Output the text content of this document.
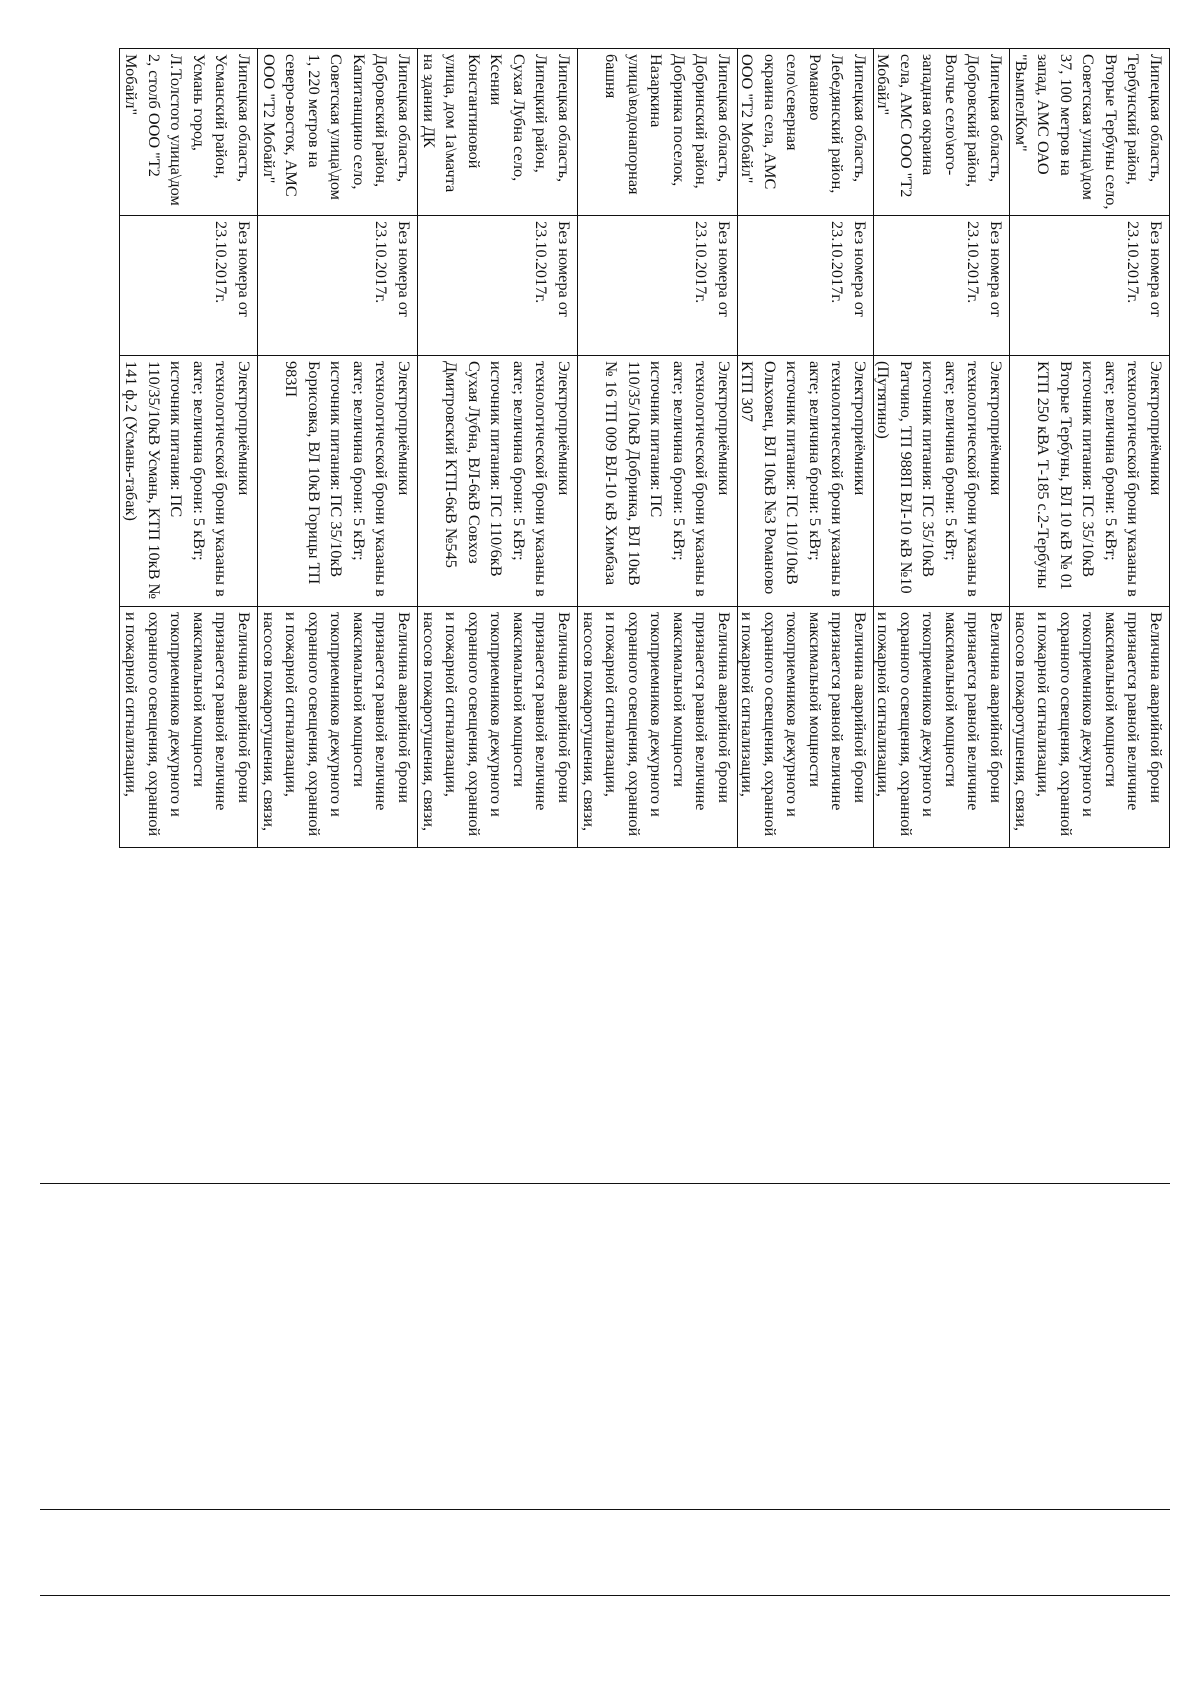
Липецкая область, Тербунский район, Вторые Тербуны село, Советская улица\дом 37, 100 метров на запад, АМС ОАО "ВымпелКом"
Без номера от 23.10.2017г.
Электроприёмники технологической брони указаны в акте; величина брони: 5 кВт; источник питания: ПС 35/10кВ Вторые Тербуны, ВЛ 10 кВ № 01 КТП 250 кВА Т-185 с.2-Тербуны
Величина аварийной брони признается равной величине максимальной мощности токоприемников дежурного и охранного освещения, охранной и пожарной сигнализации, насосов пожаротушения, связи,
Липецкая область, Добровский район, Волчье село\юго-западная окраина села, АМС ООО "Т2 Мобайл"
Без номера от 23.10.2017г.
Электроприёмники технологической брони указаны в акте; величина брони: 5 кВт; источник питания: ПС 35/10кВ Ратчино, ТП 988П ВЛ-10 кВ №10 (Путятино)
Величина аварийной брони признается равной величине максимальной мощности токоприемников дежурного и охранного освещения, охранной и пожарной сигнализации,
Липецкая область, Лебедянский район, Романово село\северная окраина села, АМС ООО "Т2 Мобайл"
Без номера от 23.10.2017г.
Электроприёмники технологической брони указаны в акте; величина брони: 5 кВт; источник питания: ПС 110/10кВ Ольховец, ВЛ 10кВ №3 Романово КТП 307
Величина аварийной брони признается равной величине максимальной мощности токоприемников дежурного и охранного освещения, охранной и пожарной сигнализации,
Липецкая область, Добринский район, Добринка поселок, Назаркина улица\водонапорная башня
Без номера от 23.10.2017г.
Электроприёмники технологической брони указаны в акте; величина брони: 5 кВт; источник питания: ПС 110/35/10кВ Добринка, ВЛ 10кВ № 16 ТП 009 ВЛ-10 кВ Химбаза
Величина аварийной брони признается равной величине максимальной мощности токоприемников дежурного и охранного освещения, охранной и пожарной сигнализации, насосов пожаротушения, связи,
Липецкая область, Липецкий район, Сухая Лубна село, Ксении Константиновой улица, дом 1а\мачта на здании ДК
Без номера от 23.10.2017г.
Электроприёмники технологической брони указаны в акте; величина брони: 5 кВт; источник питания: ПС 110/6кВ Сухая Лубна, ВЛ-6кВ Совхоз Дмитровский КТП-6кВ №545
Величина аварийной брони признается равной величине максимальной мощности токоприемников дежурного и охранного освещения, охранной и пожарной сигнализации, насосов пожаротушения, связи,
Липецкая область, Добровский район, Капитанщино село, Советская улица\дом 1, 220 метров на северо-восток, АМС ООО "Т2 Мобайл"
Без номера от 23.10.2017г.
Электроприёмники технологической брони указаны в акте; величина брони: 5 кВт; источник питания: ПС 35/10кВ Борисовка, ВЛ 10кВ Горицы ТП 983П
Величина аварийной брони признается равной величине максимальной мощности токоприемников дежурного и охранного освещения, охранной и пожарной сигнализации, насосов пожаротушения, связи,
Липецкая область, Усманский район, Усмань город, Л.Толстого улица\дом 2, столб ООО "Т2 Мобайл"
Без номера от 23.10.2017г.
Электроприёмники технологической брони указаны в акте; величина брони: 5 кВт; источник питания: ПС 110/35/10кВ Усмань, КТП 10кВ № 141 ф.2 (Усмань-табак)
Величина аварийной брони признается равной величине максимальной мощности токоприемников дежурного и охранного освещения, охранной и пожарной сигнализации,
